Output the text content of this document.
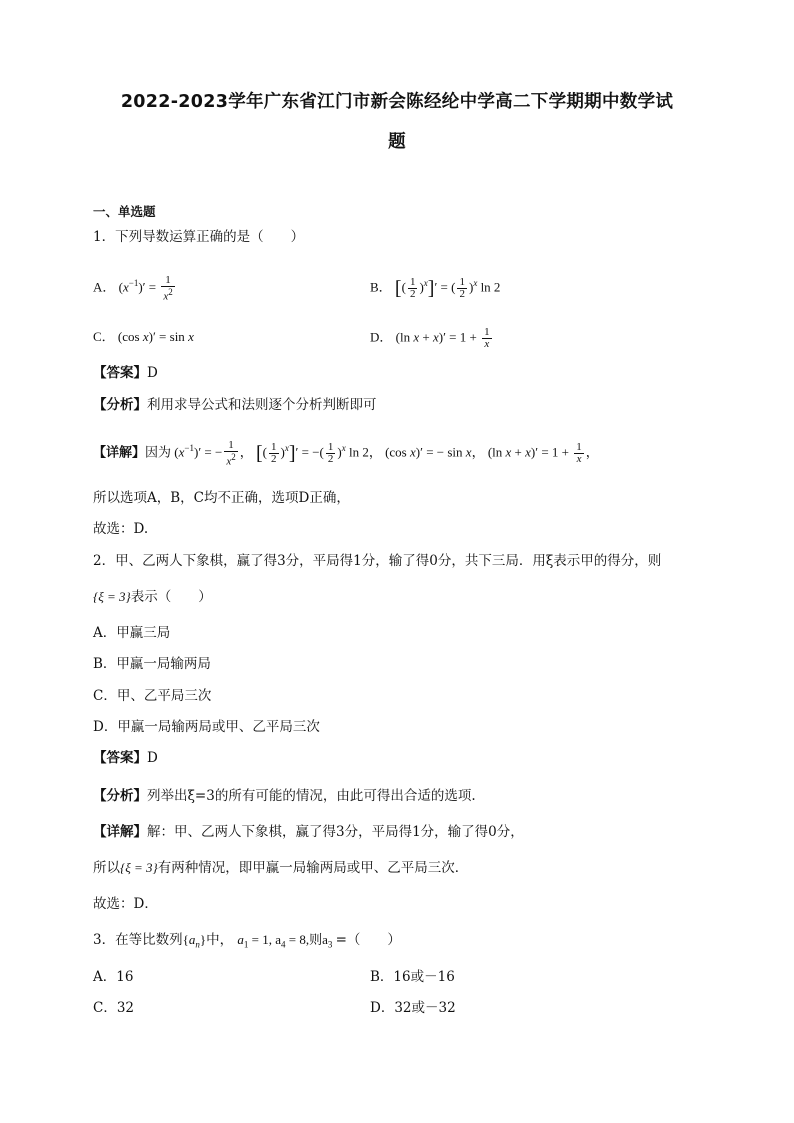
2022-2023学年广东省江门市新会陈经纶中学高二下学期期中数学试
题
一、单选题
1．下列导数运算正确的是（　　）
A． $(x^{-1})' = \frac{1}{x^2}$	B． [( $\frac{1}{2} )^x]'$ = ( $\frac{1}{2} )^x$ ln 2
C． (cos x)′ = sin x	D． (ln $x + x)' = 1 + \frac{1}{x}$
【答案】D
【分析】利用求导公式和法则逐个分析判断即可
【详解】因为 $(x^{-1})'$ = − $\frac{1}{x^2}$ ， [( $\frac{1}{2} )^x]'$ = −( $\frac{1}{2} )^x$ ln 2， (cos x)′ = − sin x， (ln $x + x)' = 1 + \frac{1}{x}$ ，
所以选项A，B，C均不正确，选项D正确，
故选：D.
2．甲、乙两人下象棋，赢了得3分，平局得1分，输了得0分，共下三局．用ξ表示甲的得分，则
{ξ = 3}表示（　　）
A．甲赢三局
B．甲赢一局输两局
C．甲、乙平局三次
D．甲赢一局输两局或甲、乙平局三次
【答案】D
【分析】列举出ξ=3的所有可能的情况，由此可得出合适的选项.
【详解】解：甲、乙两人下象棋，赢了得3分，平局得1分，输了得0分，
所以{ξ = 3}有两种情况，即甲赢一局输两局或甲、乙平局三次．
故选：D．
3．在等比数列$\{a_n\}$中， $a_1 = 1$, $a_4 = 8$,则$a_3$ =（　　）
A．16	B．16或－16
C．32	D．32或－32
